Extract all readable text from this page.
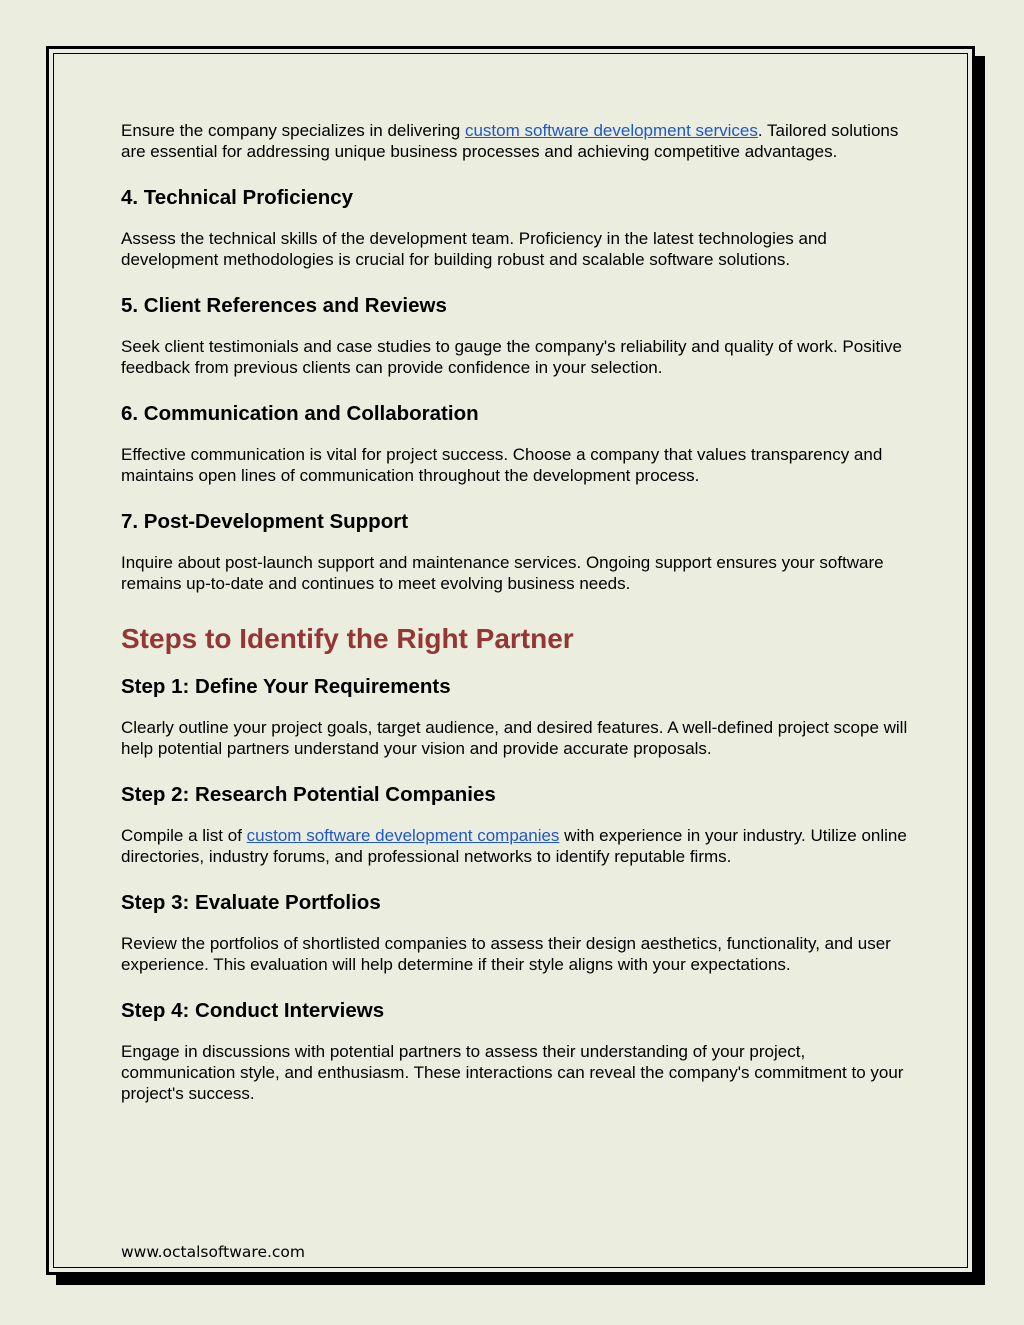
Ensure the company specializes in delivering custom software development services. Tailored solutions are essential for addressing unique business processes and achieving competitive advantages.

4. Technical Proficiency

Assess the technical skills of the development team. Proficiency in the latest technologies and development methodologies is crucial for building robust and scalable software solutions.

5. Client References and Reviews

Seek client testimonials and case studies to gauge the company's reliability and quality of work. Positive feedback from previous clients can provide confidence in your selection.

6. Communication and Collaboration

Effective communication is vital for project success. Choose a company that values transparency and maintains open lines of communication throughout the development process.

7. Post-Development Support

Inquire about post-launch support and maintenance services. Ongoing support ensures your software remains up-to-date and continues to meet evolving business needs.

Steps to Identify the Right Partner
Step 1: Define Your Requirements

Clearly outline your project goals, target audience, and desired features. A well-defined project scope will help potential partners understand your vision and provide accurate proposals.

Step 2: Research Potential Companies

Compile a list of custom software development companies with experience in your industry. Utilize online directories, industry forums, and professional networks to identify reputable firms.

Step 3: Evaluate Portfolios

Review the portfolios of shortlisted companies to assess their design aesthetics, functionality, and user experience. This evaluation will help determine if their style aligns with your expectations.

Step 4: Conduct Interviews

Engage in discussions with potential partners to assess their understanding of your project, communication style, and enthusiasm. These interactions can reveal the company's commitment to your project's success.

www.octalsoftware.com
